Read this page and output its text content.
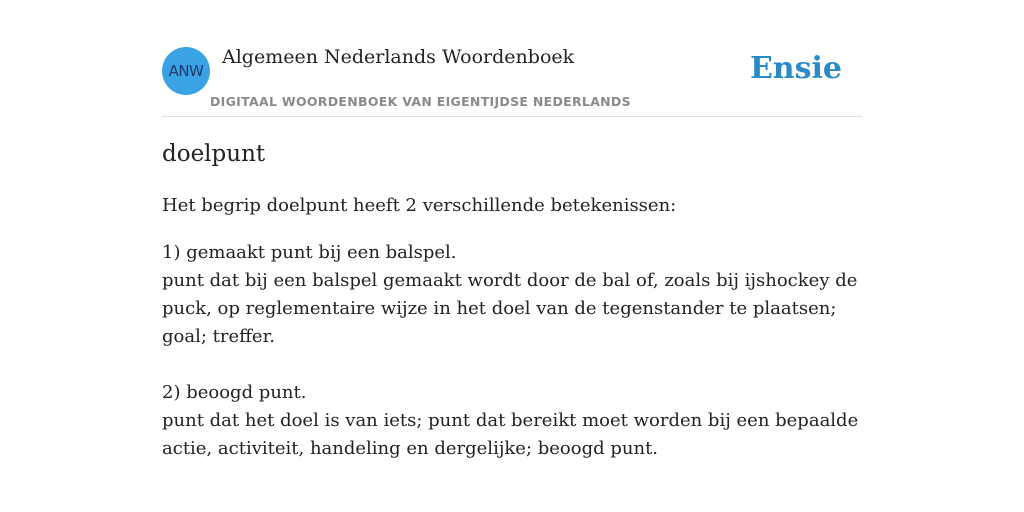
ANW
Algemeen Nederlands Woordenboek
DIGITAAL WOORDENBOEK VAN EIGENTIJDSE NEDERLANDS
Ensie
doelpunt

Het begrip doelpunt heeft 2 verschillende betekenissen:

1) gemaakt punt bij een balspel.
punt dat bij een balspel gemaakt wordt door de bal of, zoals bij ijshockey de puck, op reglementaire wijze in het doel van de tegenstander te plaatsen; goal; treffer.
2) beoogd punt.
punt dat het doel is van iets; punt dat bereikt moet worden bij een bepaalde actie, activiteit, handeling en dergelijke; beoogd punt.
